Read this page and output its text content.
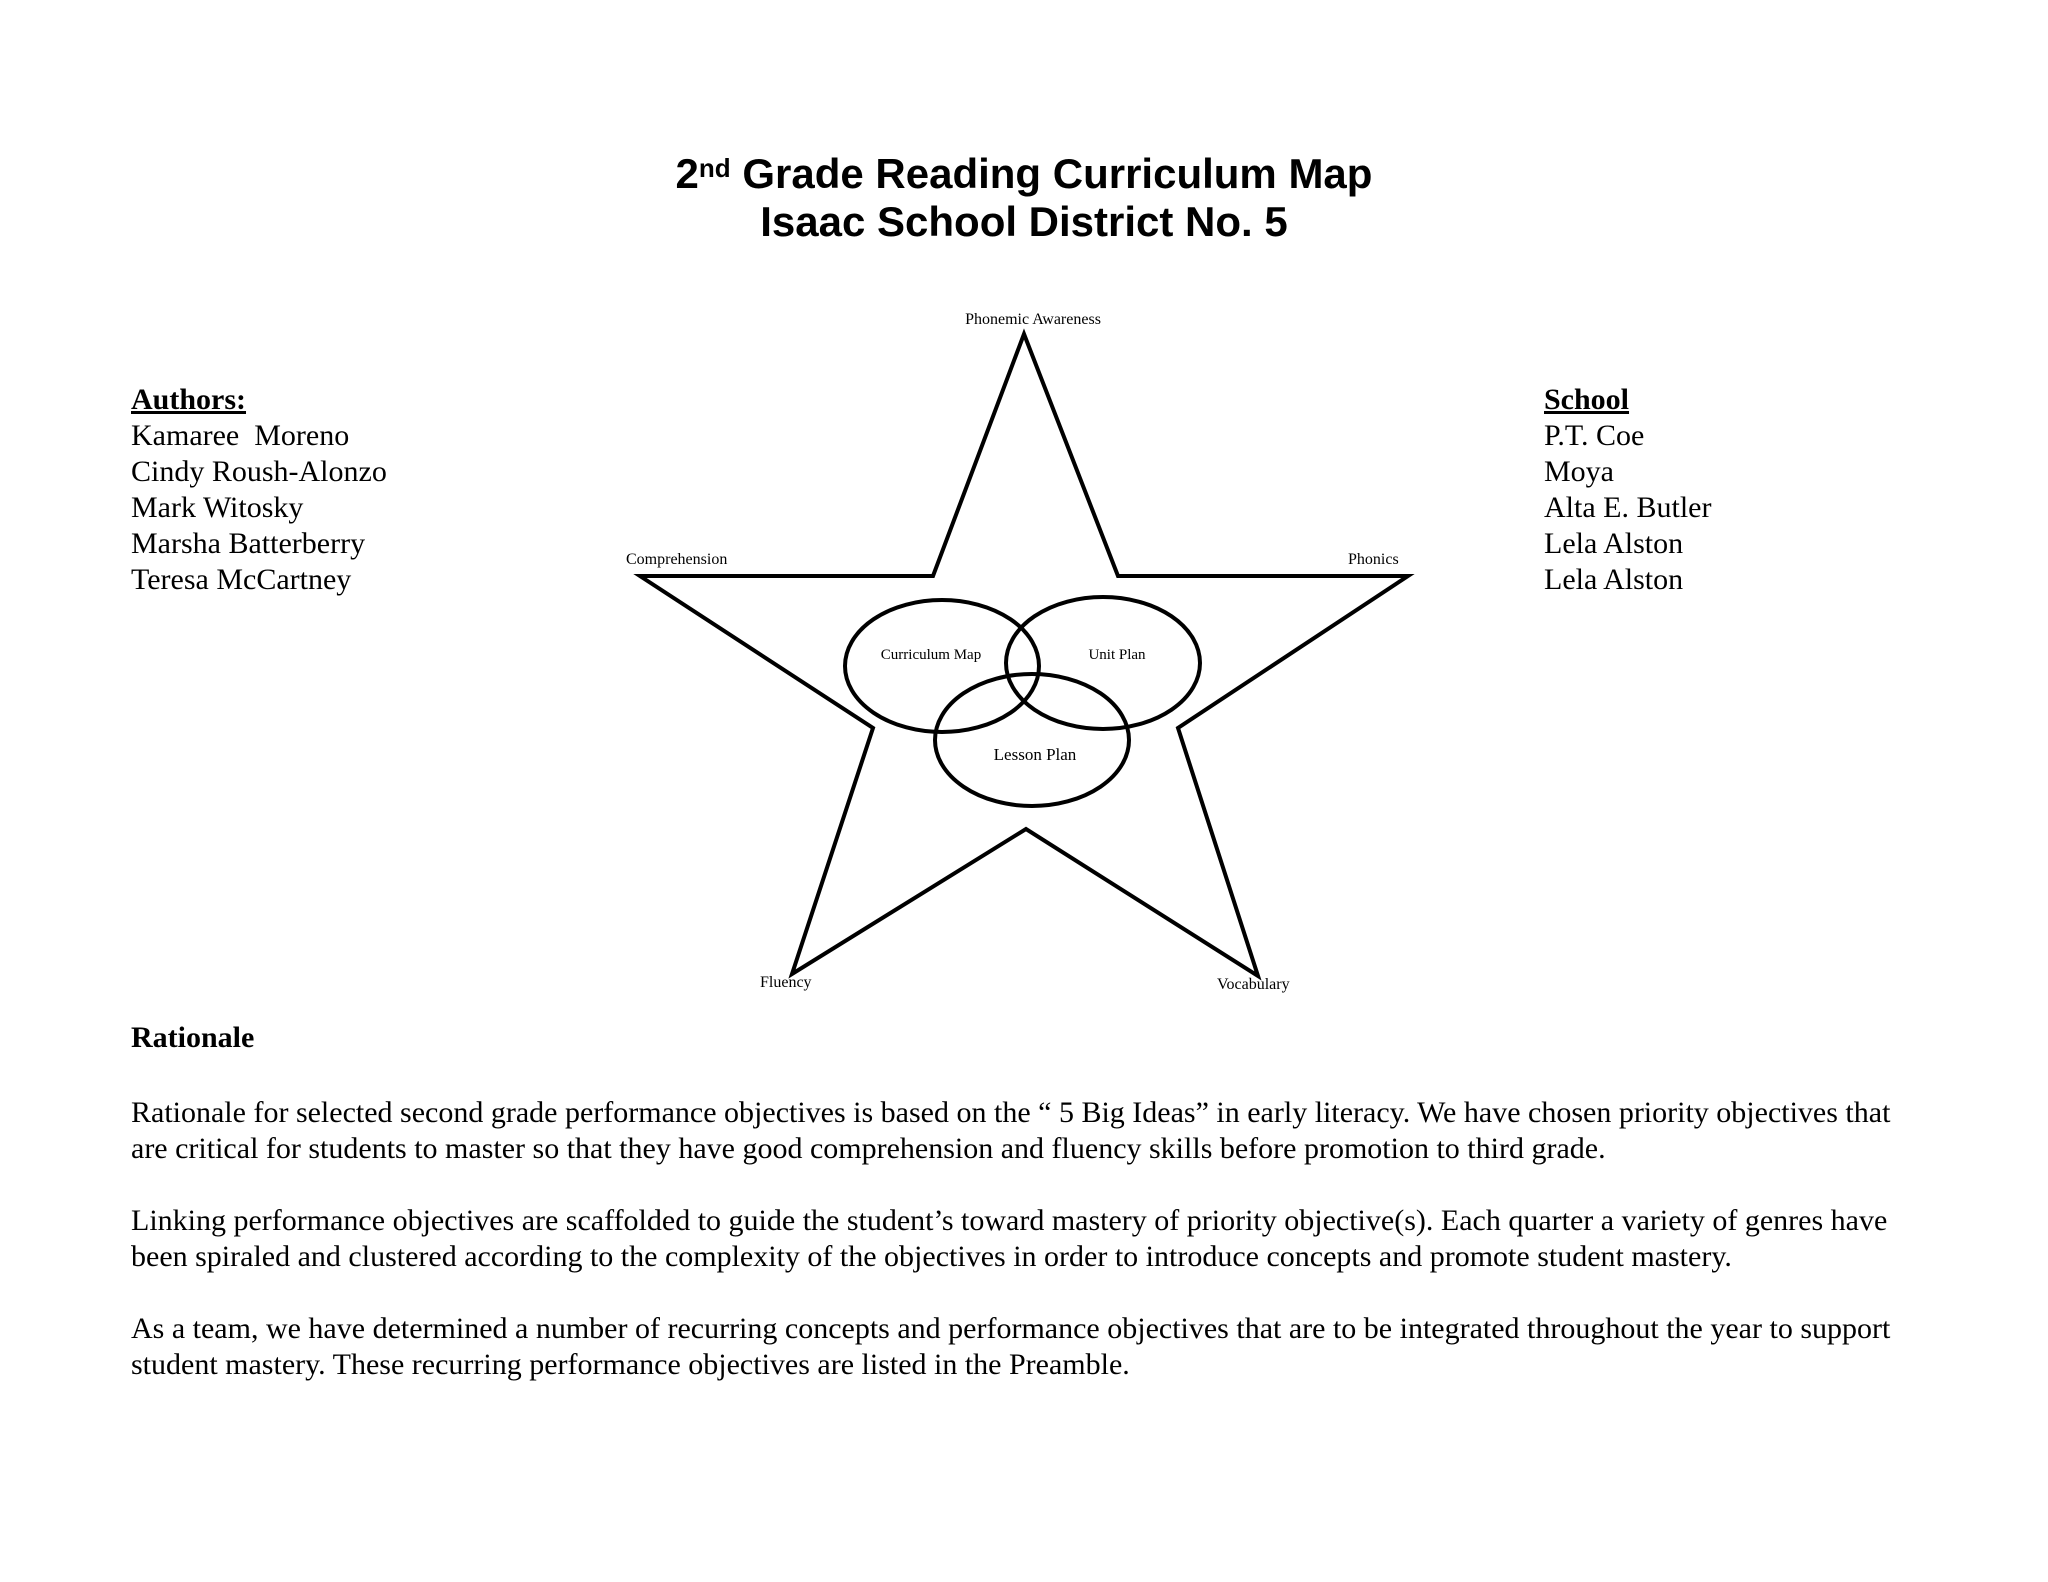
2nd Grade Reading Curriculum Map
Isaac School District No. 5
Authors:
Kamaree  Moreno
Cindy Roush-Alonzo
Mark Witosky
Marsha Batterberry
Teresa McCartney
School
P.T. Coe
Moya
Alta E. Butler
Lela Alston
Lela Alston
Phonemic Awareness
Comprehension	Phonics
Fluency	Vocabulary
Curriculum Map	Unit Plan
Lesson Plan
Rationale

Rationale for selected second grade performance objectives is based on the “ 5 Big Ideas” in early literacy. We have chosen priority objectives that are critical for students to master so that they have good comprehension and fluency skills before promotion to third grade.

Linking performance objectives are scaffolded to guide the student’s toward mastery of priority objective(s). Each quarter a variety of genres have been spiraled and clustered according to the complexity of the objectives in order to introduce concepts and promote student mastery.

As a team, we have determined a number of recurring concepts and performance objectives that are to be integrated throughout the year to support student mastery. These recurring performance objectives are listed in the Preamble.
